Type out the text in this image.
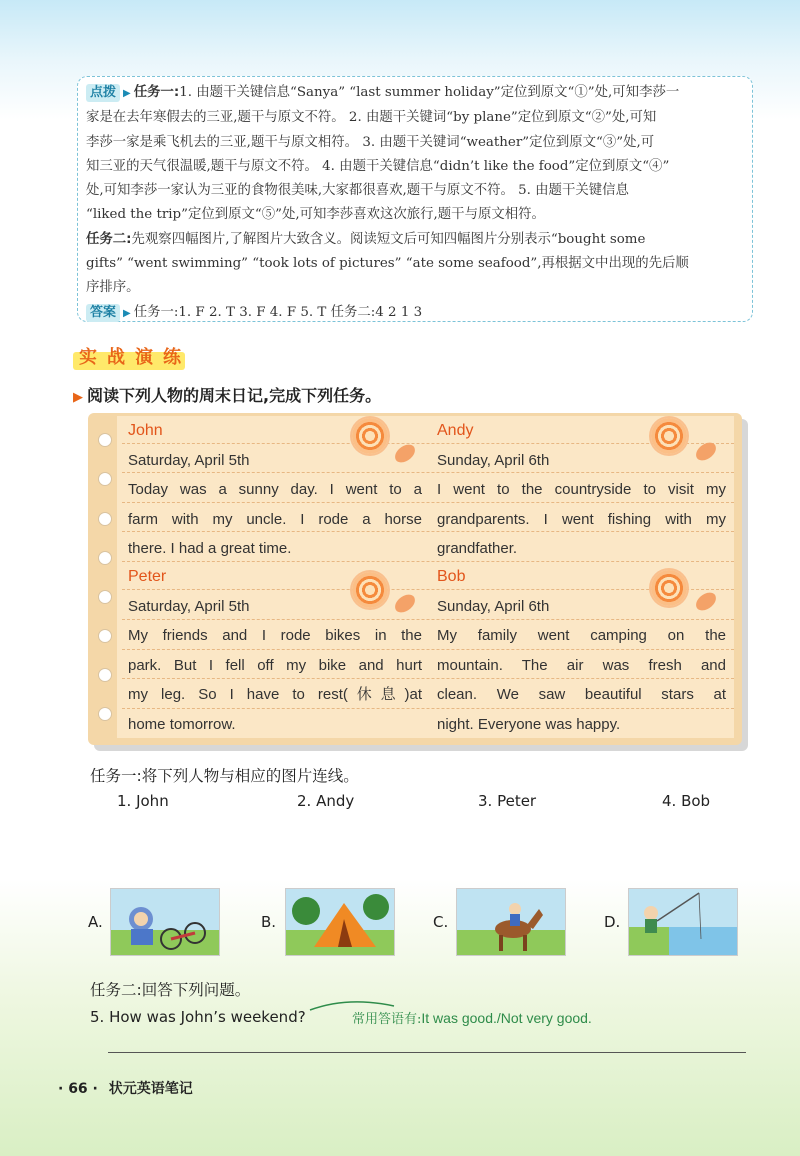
点拨 ▶ 任务一:1. 由题干关键信息“Sanya” “last summer holiday”定位到原文“①”处,可知李莎一
家是在去年寒假去的三亚,题干与原文不符。 2. 由题干关键词“by plane”定位到原文“②”处,可知
李莎一家是乘飞机去的三亚,题干与原文相符。 3. 由题干关键词“weather”定位到原文“③”处,可
知三亚的天气很温暖,题干与原文不符。 4. 由题干关键信息“didn’t like the food”定位到原文“④”
处,可知李莎一家认为三亚的食物很美味,大家都很喜欢,题干与原文不符。 5. 由题干关键信息
“liked the trip”定位到原文“⑤”处,可知李莎喜欢这次旅行,题干与原文相符。
任务二:先观察四幅图片,了解图片大致含义。阅读短文后可知四幅图片分别表示“bought some
gifts” “went swimming” “took lots of pictures” “ate some seafood”,再根据文中出现的先后顺
序排序。
答案 ▶ 任务一:1. F 2. T 3. F 4. F 5. T 任务二:4 2 1 3
实 战 演 练
▶ 阅读下列人物的周末日记,完成下列任务。
John
Saturday, April 5th

Today was a sunny day. I went to a

farm with my uncle. I rode a horse

there. I had a great time.

Andy
Sunday, April 6th

I went to the countryside to visit my

grandparents. I went fishing with my

grandfather.

Peter
Saturday, April 5th

My friends and I rode bikes in the

park. But I fell off my bike and hurt

my leg. So I have to rest(休息)at

home tomorrow.

Bob
Sunday, April 6th

My family went camping on the

mountain. The air was fresh and

clean. We saw beautiful stars at

night. Everyone was happy.

任务一:将下列人物与相应的图片连线。
1. John	2. Andy	3. Peter	4. Bob
A.	B.	C.	D.
任务二:回答下列问题。
5. How was John’s weekend?	常用答语有:It was good./Not very good.
· 66 · 状元英语笔记
